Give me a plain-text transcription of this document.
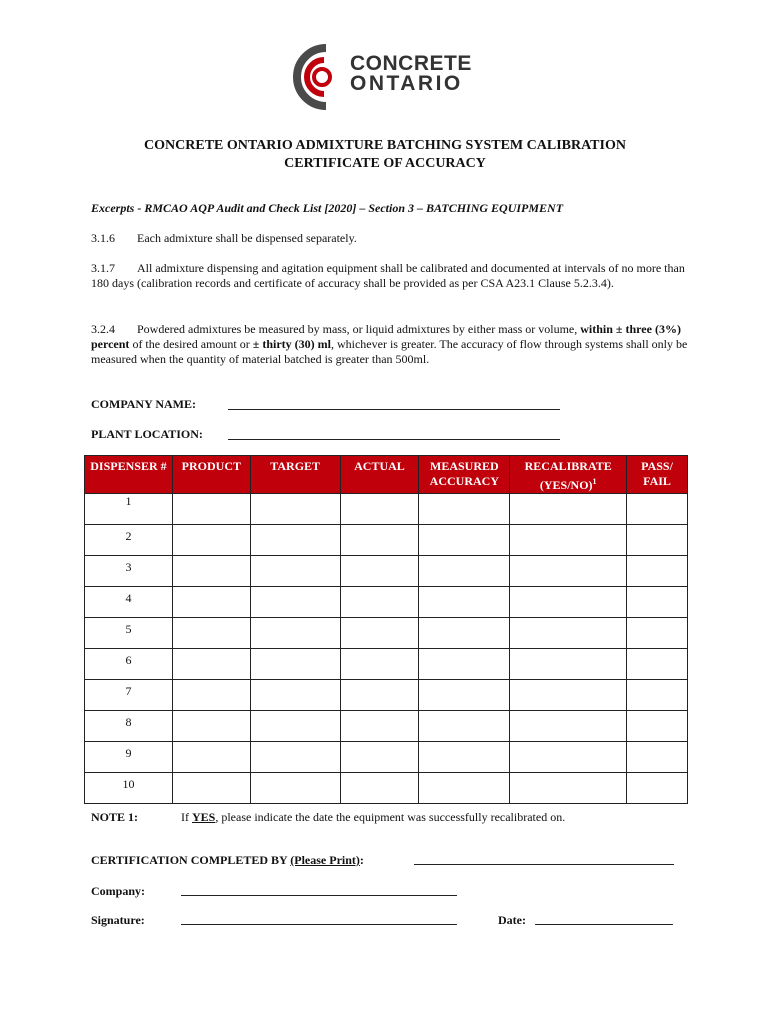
CONCRETE
ONTARIO
CONCRETE ONTARIO ADMIXTURE BATCHING SYSTEM CALIBRATION
CERTIFICATE OF ACCURACY
Excerpts - RMCAO AQP Audit and Check List [2020] – Section 3 – BATCHING EQUIPMENT
3.1.6 Each admixture shall be dispensed separately.
3.1.7 All admixture dispensing and agitation equipment shall be calibrated and documented at intervals of no more than 180 days (calibration records and certificate of accuracy shall be provided as per CSA A23.1 Clause 5.2.3.4).
3.2.4 Powdered admixtures be measured by mass, or liquid admixtures by either mass or volume, within ± three (3%) percent of the desired amount or ± thirty (30) ml, whichever is greater. The accuracy of flow through systems shall only be measured when the quantity of material batched is greater than 500ml.
COMPANY NAME:
PLANT LOCATION:
DISPENSER #	PRODUCT	TARGET	ACTUAL	MEASURED ACCURACY	RECALIBRATE $(YES/NO)^1$	PASS/ FAIL
1						
2						
3						
4						
5						
6						
7						
8						
9						
10						
NOTE 1:	If YES, please indicate the date the equipment was successfully recalibrated on.
CERTIFICATION COMPLETED BY (Please Print):
Company:
Signature:	Date:
